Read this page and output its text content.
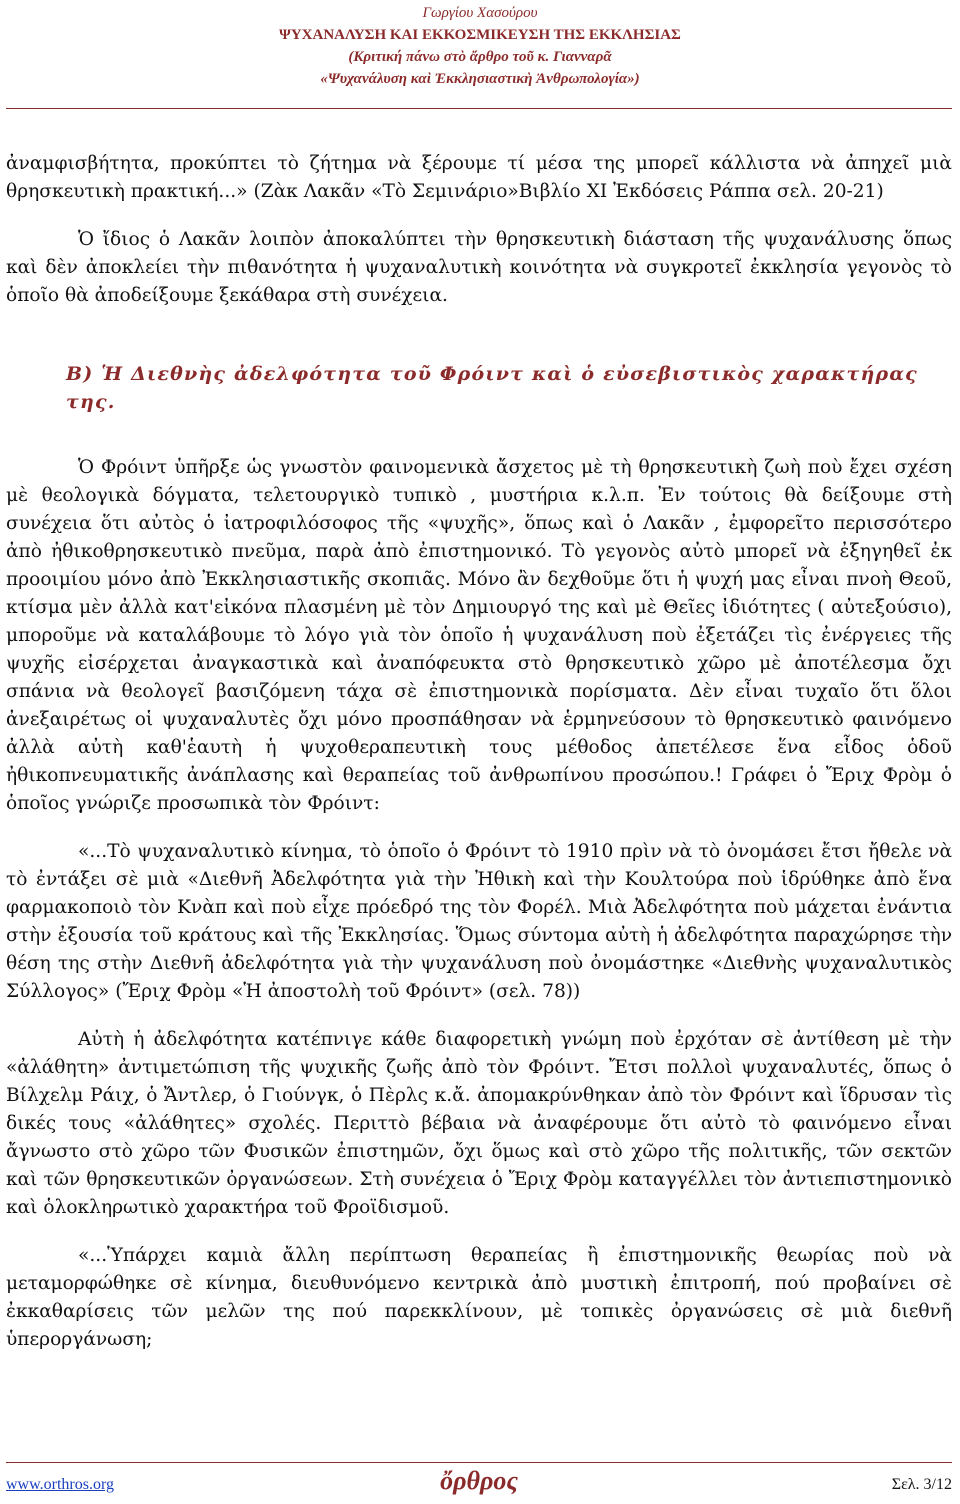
Γωργίου Χασούρου
ΨΥΧΑΝΑΛΥΣΗ ΚΑΙ ΕΚΚΟΣΜΙΚΕΥΣΗ ΤΗΣ ΕΚΚΛΗΣΙΑΣ
(Κριτική πάνω στὸ ἄρθρο τοῦ κ. Γιανναρᾶ
«Ψυχανάλυση καὶ Ἐκκλησιαστικὴ Ἀνθρωπολογία»)

ἀναμφισβήτητα, προκύπτει τὸ ζήτημα νὰ ξέρουμε τί μέσα της μπορεῖ κάλλιστα νὰ ἀπηχεῖ μιὰ θρησκευτικὴ πρακτική...» (Ζὰκ Λακᾶν «Τὸ Σεμινάριο»Βιβλίο ΧΙ Ἐκδόσεις Ράππα σελ. 20-21)

Ὁ ἴδιος ὁ Λακᾶν λοιπὸν ἀποκαλύπτει τὴν θρησκευτικὴ διάσταση τῆς ψυχανάλυσης ὅπως καὶ δὲν ἀποκλείει τὴν πιθανότητα ἡ ψυχαναλυτικὴ κοινότητα νὰ συγκροτεῖ ἐκκλησία γεγονὸς τὸ ὁποῖο θὰ ἀποδείξουμε ξεκάθαρα στὴ συνέχεια.

Β) Ἡ Διεθνὴς ἀδελφότητα τοῦ Φρόιντ καὶ ὁ εὐσεβιστικὸς χαρακτήρας της.

Ὁ Φρόιντ ὑπῆρξε ὡς γνωστὸν φαινομενικὰ ἄσχετος μὲ τὴ θρησκευτικὴ ζωὴ ποὺ ἔχει σχέση μὲ θεολογικὰ δόγματα, τελετουργικὸ τυπικὸ , μυστήρια κ.λ.π. Ἐν τούτοις θὰ δείξουμε στὴ συνέχεια ὅτι αὐτὸς ὁ ἰατροφιλόσοφος τῆς «ψυχῆς», ὅπως καὶ ὁ Λακᾶν , ἐμφορεῖτο περισσότερο ἀπὸ ἠθικοθρησκευτικὸ πνεῦμα, παρὰ ἀπὸ ἐπιστημονικό. Τὸ γεγονὸς αὐτὸ μπορεῖ νὰ ἐξηγηθεῖ ἐκ προοιμίου μόνο ἀπὸ Ἐκκλησιαστικῆς σκοπιᾶς. Μόνο ἂν δεχθοῦμε ὅτι ἡ ψυχή μας εἶναι πνοὴ Θεοῦ, κτίσμα μὲν ἀλλὰ κατ'εἰκόνα πλασμένη μὲ τὸν Δημιουργό της καὶ μὲ Θεῖες ἰδιότητες ( αὐτεξούσιο), μποροῦμε νὰ καταλάβουμε τὸ λόγο γιὰ τὸν ὁποῖο ἡ ψυχανάλυση ποὺ ἐξετάζει τὶς ἐνέργειες τῆς ψυχῆς εἰσέρχεται ἀναγκαστικὰ καὶ ἀναπόφευκτα στὸ θρησκευτικὸ χῶρο μὲ ἀποτέλεσμα ὄχι σπάνια νὰ θεολογεῖ βασιζόμενη τάχα σὲ ἐπιστημονικὰ πορίσματα. Δὲν εἶναι τυχαῖο ὅτι ὅλοι ἀνεξαιρέτως οἱ ψυχαναλυτὲς ὄχι μόνο προσπάθησαν νὰ ἑρμηνεύσουν τὸ θρησκευτικὸ φαινόμενο ἀλλὰ αὐτὴ καθ'ἑαυτὴ ἡ ψυχοθεραπευτικὴ τους μέθοδος ἀπετέλεσε ἕνα εἶδος ὁδοῦ ἠθικοπνευματικῆς ἀνάπλασης καὶ θεραπείας τοῦ ἀνθρωπίνου προσώπου.! Γράφει ὁ Ἔριχ Φρὸμ ὁ ὁποῖος γνώριζε προσωπικὰ τὸν Φρόιντ:

«...Τὸ ψυχαναλυτικὸ κίνημα, τὸ ὁποῖο ὁ Φρόιντ τὸ 1910 πρὶν νὰ τὸ ὀνομάσει ἔτσι ἤθελε νὰ τὸ ἐντάξει σὲ μιὰ «Διεθνῆ Ἀδελφότητα γιὰ τὴν Ἠθικὴ καὶ τὴν Κουλτούρα ποὺ ἱδρύθηκε ἀπὸ ἕνα φαρμακοποιὸ τὸν Κνὰπ καὶ ποὺ εἶχε πρόεδρό της τὸν Φορέλ. Μιὰ Ἀδελφότητα ποὺ μάχεται ἐνάντια στὴν ἐξουσία τοῦ κράτους καὶ τῆς Ἐκκλησίας. Ὅμως σύντομα αὐτὴ ἡ ἀδελφότητα παραχώρησε τὴν θέση της στὴν Διεθνῆ ἀδελφότητα γιὰ τὴν ψυχανάλυση ποὺ ὀνομάστηκε «Διεθνὴς ψυχαναλυτικὸς Σύλλογος» (Ἔριχ Φρὸμ «Ἡ ἀποστολὴ τοῦ Φρόιντ» (σελ. 78))

Αὐτὴ ἡ ἀδελφότητα κατέπνιγε κάθε διαφορετικὴ γνώμη ποὺ ἐρχόταν σὲ ἀντίθεση μὲ τὴν «ἀλάθητη» ἀντιμετώπιση τῆς ψυχικῆς ζωῆς ἀπὸ τὸν Φρόιντ. Ἔτσι πολλοὶ ψυχαναλυτές, ὅπως ὁ Βίλχελμ Ράιχ, ὁ Ἄντλερ, ὁ Γιούνγκ, ὁ Πὲρλς κ.ἄ. ἀπομακρύνθηκαν ἀπὸ τὸν Φρόιντ καὶ ἵδρυσαν τὶς δικές τους «ἀλάθητες» σχολές. Περιττὸ βέβαια νὰ ἀναφέρουμε ὅτι αὐτὸ τὸ φαινόμενο εἶναι ἄγνωστο στὸ χῶρο τῶν Φυσικῶν ἐπιστημῶν, ὄχι ὅμως καὶ στὸ χῶρο τῆς πολιτικῆς, τῶν σεκτῶν καὶ τῶν θρησκευτικῶν ὀργανώσεων. Στὴ συνέχεια ὁ Ἔριχ Φρὸμ καταγγέλλει τὸν ἀντιεπιστημονικὸ καὶ ὁλοκληρωτικὸ χαρακτήρα τοῦ Φροϊδισμοῦ.

«...Ὑπάρχει καμιὰ ἄλλη περίπτωση θεραπείας ἢ ἐπιστημονικῆς θεωρίας ποὺ νὰ μεταμορφώθηκε σὲ κίνημα, διευθυνόμενο κεντρικὰ ἀπὸ μυστικὴ ἐπιτροπή, πού προβαίνει σὲ ἐκκαθαρίσεις τῶν μελῶν της πού παρεκκλίνουν, μὲ τοπικὲς ὀργανώσεις σὲ μιὰ διεθνῆ ὑπεροργάνωση;

www.orthros.org	ὄρθρος	Σελ. 3/12
